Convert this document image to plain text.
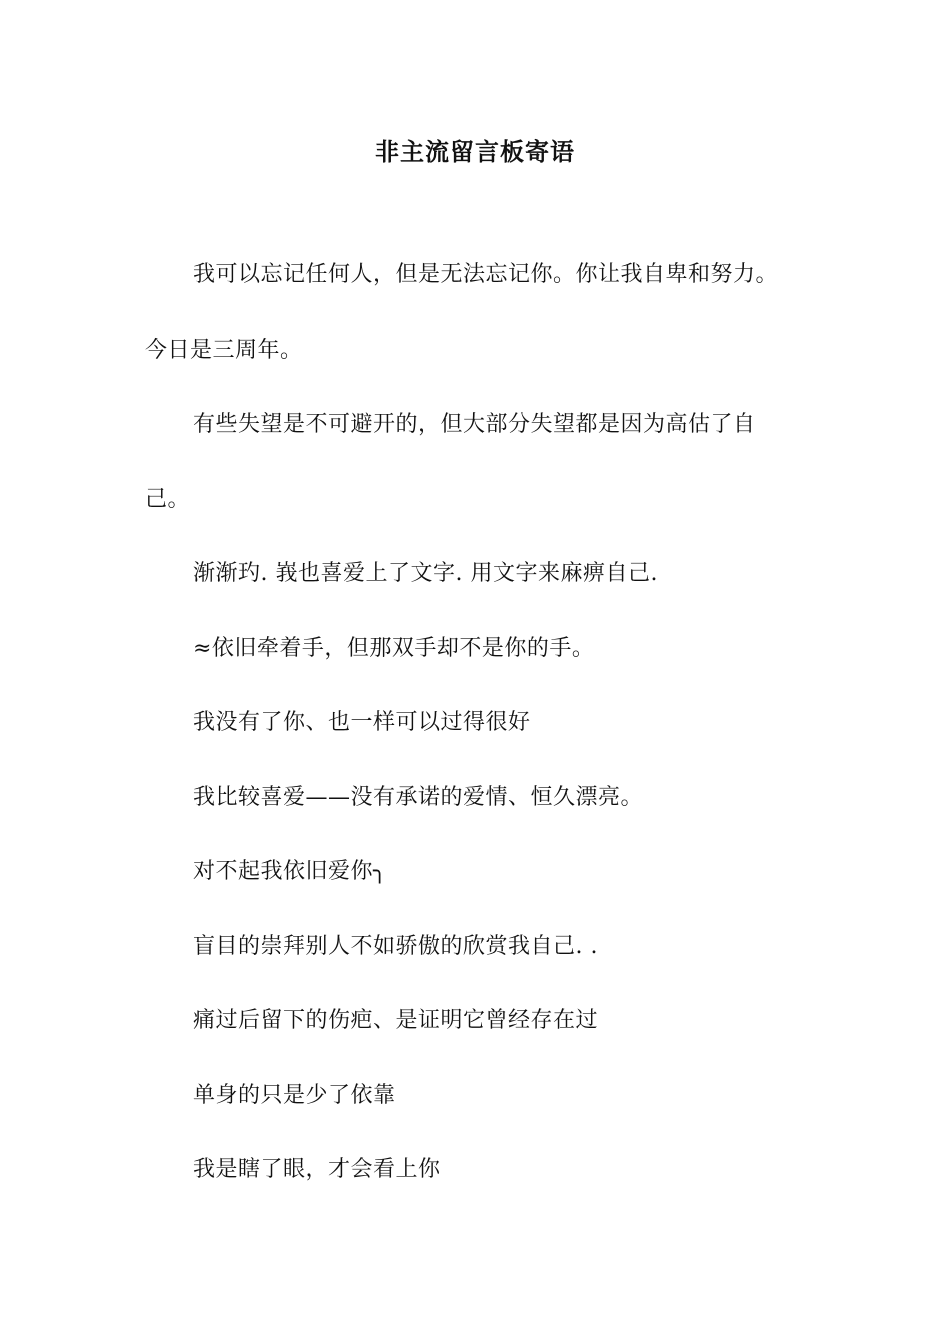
非主流留言板寄语
我可以忘记任何人，但是无法忘记你。你让我自卑和努力。
今日是三周年。
有些失望是不可避开的，但大部分失望都是因为高估了自
己。
渐渐玓. 峩也喜爱上了文字. 用文字来麻痹自己.
≈依旧牵着手，但那双手却不是你的手。
我没有了你、也一样可以过得很好
我比较喜爱——没有承诺的爱情、恒久漂亮。
对不起我依旧爱你╮
盲目的崇拜别人不如骄傲的欣赏我自己. .
痛过后留下的伤疤、是证明它曾经存在过
单身的只是少了依靠
我是瞎了眼，才会看上你
